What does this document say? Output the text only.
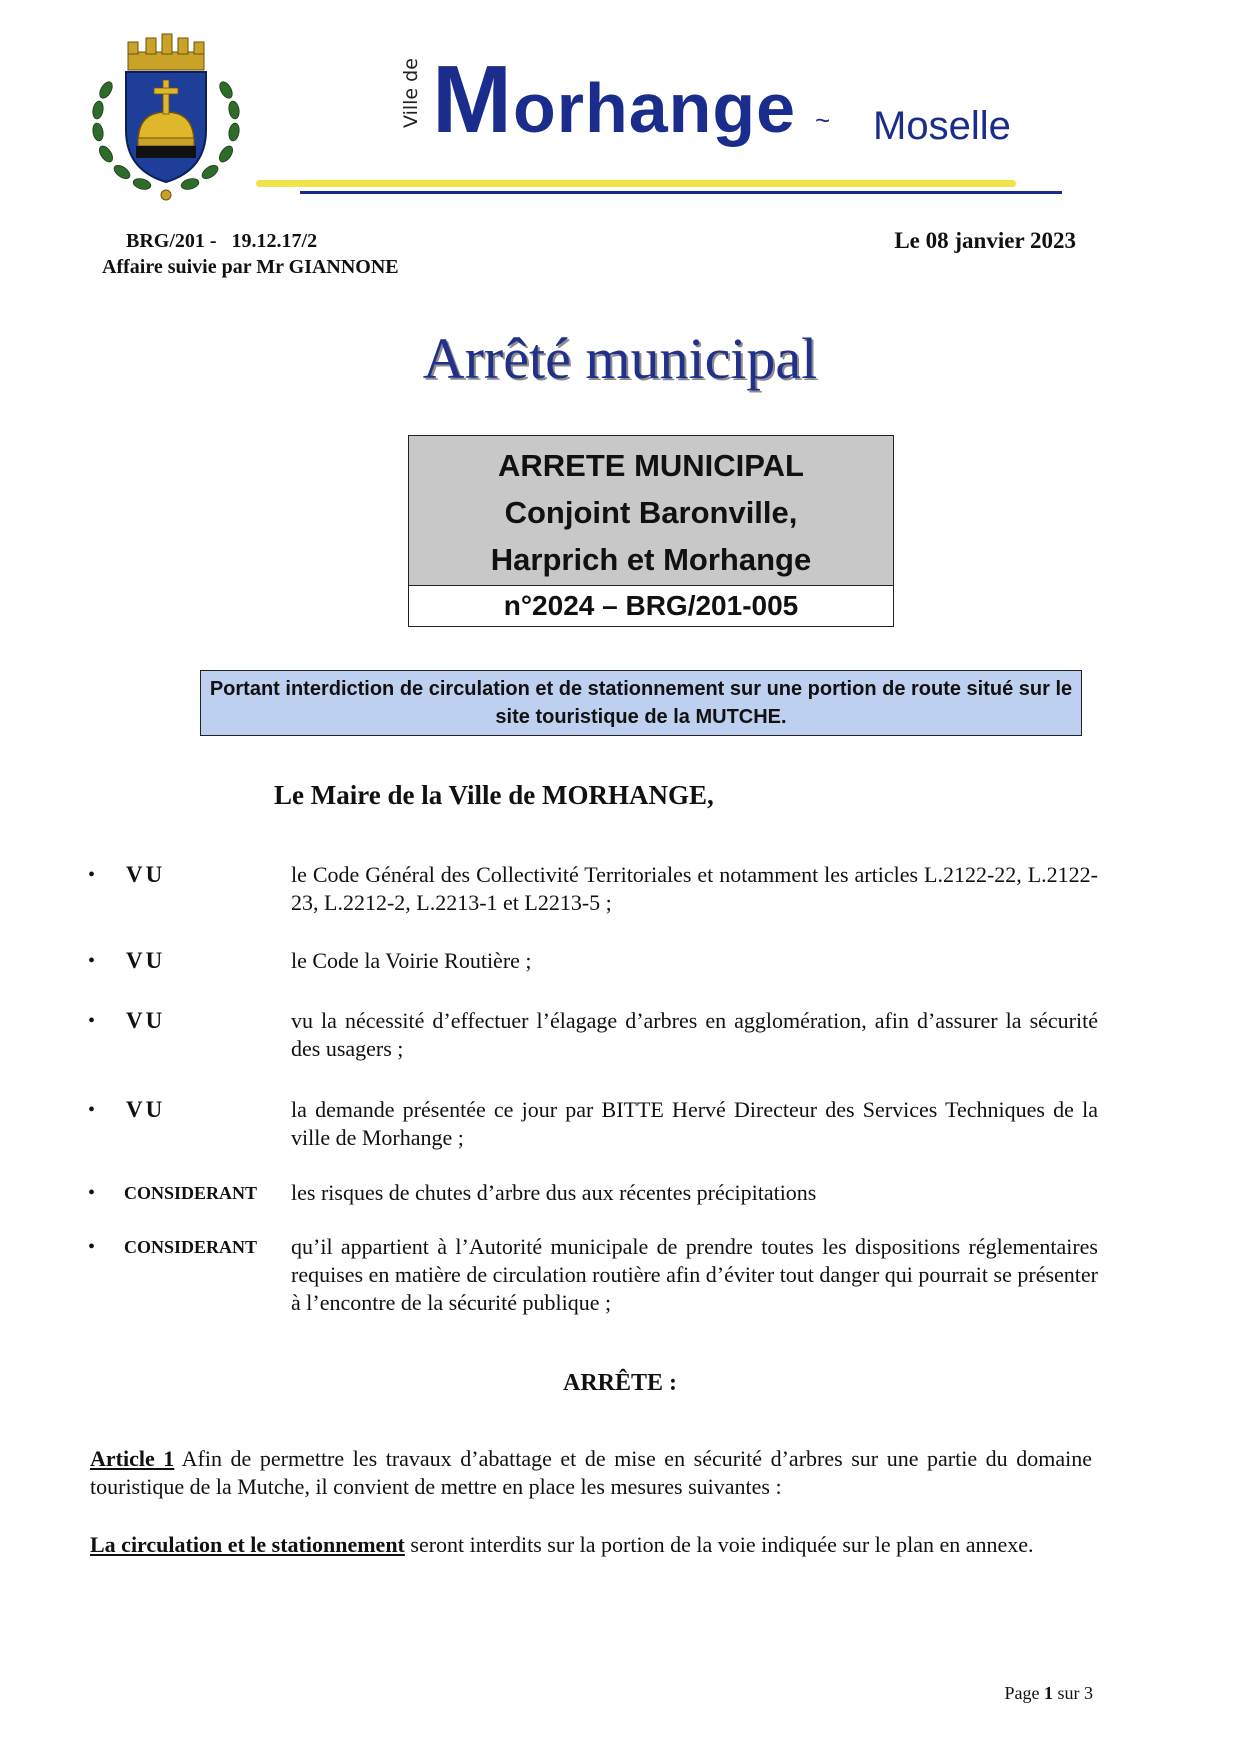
Ville de Morhange ~ Moselle
BRG/201 -   19.12.17/2
Affaire suivie par Mr GIANNONE
Le 08 janvier 2023
Arrêté municipal
ARRETE MUNICIPAL
Conjoint Baronville,
Harprich et Morhange
n°2024 – BRG/201-005
Portant interdiction de circulation et de stationnement sur une portion de route situé sur le site touristique de la MUTCHE.
Le Maire de la Ville de MORHANGE,
•	VU	le Code Général des Collectivité Territoriales et notamment les articles L.2122-22, L.2122-23, L.2212-2, L.2213-1 et L2213-5 ;
•	VU	le Code la Voirie Routière ;
•	VU	vu la nécessité d’effectuer l’élagage d’arbres en agglomération, afin d’assurer la sécurité des usagers ;
•	VU	la demande présentée ce jour par BITTE Hervé Directeur des Services Techniques de la ville de Morhange ;
•	CONSIDERANT les risques de chutes d’arbre dus aux récentes précipitations
•	CONSIDERANT qu’il appartient à l’Autorité municipale de prendre toutes les dispositions réglementaires requises en matière de circulation routière afin d’éviter tout danger qui pourrait se présenter à l’encontre de la sécurité publique ;
ARRÊTE :
Article 1 Afin de permettre les travaux d’abattage et de mise en sécurité d’arbres sur une partie du domaine touristique de la Mutche, il convient de mettre en place les mesures suivantes :
La circulation et le stationnement seront interdits sur la portion de la voie indiquée sur le plan en annexe.
Page 1 sur 3
